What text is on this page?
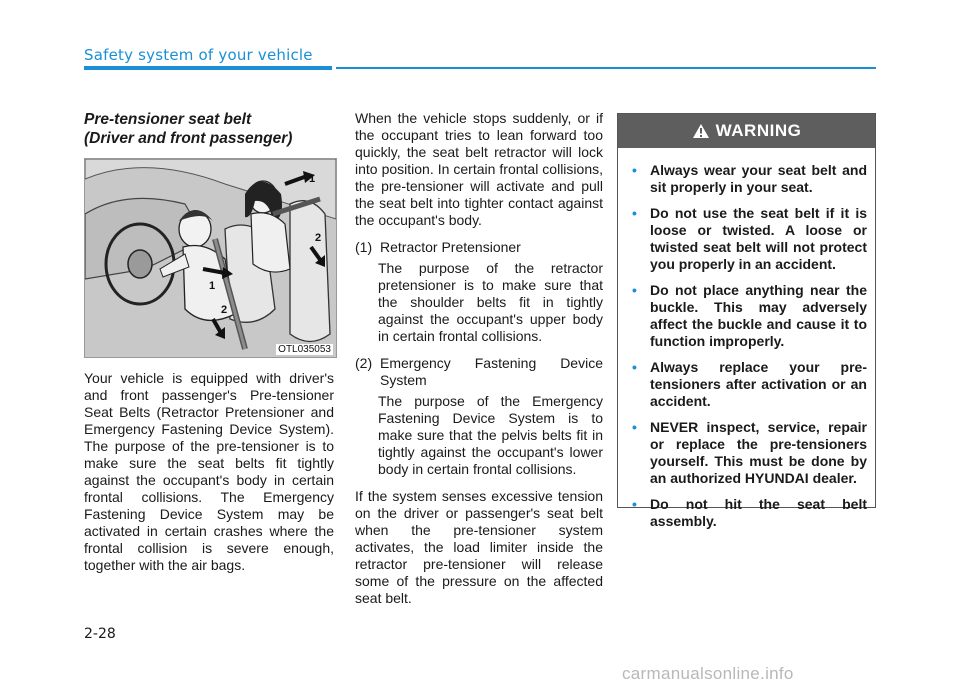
Safety system of your vehicle
Pre-tensioner seat belt
(Driver and front passenger)
1
2
1
2
OTL035053
Your vehicle is equipped with driver's and front passenger's Pre-tensioner Seat Belts (Retractor Pretensioner and Emergency Fastening Device System). The purpose of the pre-tensioner is to make sure the seat belts fit tightly against the occupant's body in certain frontal collisions. The Emergency Fastening Device System may be activated in certain crashes where the frontal collision is severe enough, together with the air bags.
When the vehicle stops suddenly, or if the occupant tries to lean forward too quickly, the seat belt retractor will lock into position. In certain frontal collisions, the pre-tensioner will activate and pull the seat belt into tighter contact against the occupant's body.
(1) Retractor Pretensioner
The purpose of the retractor pretensioner is to make sure that the shoulder belts fit in tightly against the occupant's upper body in certain frontal collisions.
(2) Emergency Fastening Device System
The purpose of the Emergency Fastening Device System is to make sure that the pelvis belts fit in tightly against the occupant's lower body in certain frontal collisions.
If the system senses excessive tension on the driver or passenger's seat belt when the pre-tensioner system activates, the load limiter inside the retractor pre-tensioner will release some of the pressure on the affected seat belt.
WARNING
• Always wear your seat belt and sit properly in your seat.
• Do not use the seat belt if it is loose or twisted. A loose or twisted seat belt will not protect you properly in an accident.
• Do not place anything near the buckle. This may adversely affect the buckle and cause it to function improperly.
• Always replace your pre-tensioners after activation or an accident.
• NEVER inspect, service, repair or replace the pre-tensioners yourself. This must be done by an authorized HYUNDAI dealer.
• Do not hit the seat belt assembly.
2-28
carmanualsonline.info
